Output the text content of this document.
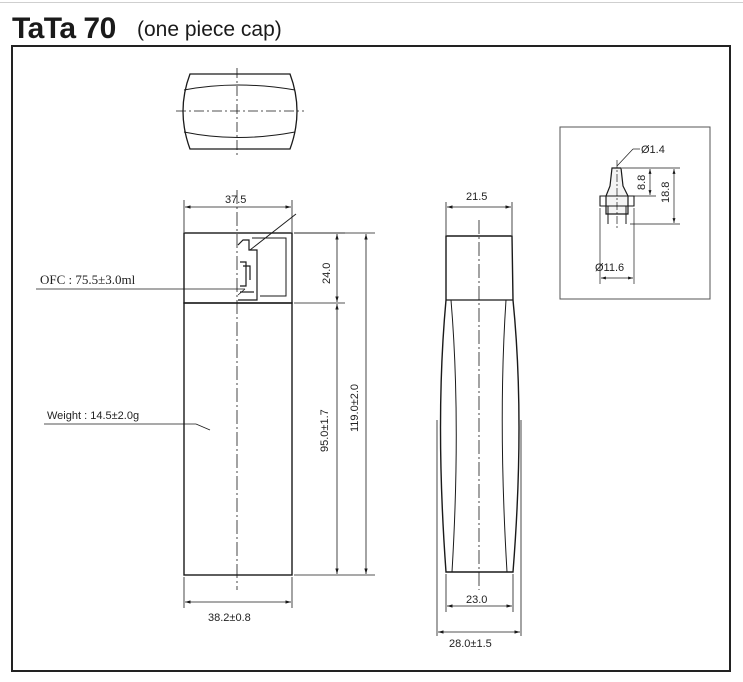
TaTa 70 (one piece cap)
37.5
24.0
95.0±1.7 119.0±2.0
38.2±0.8
OFC : 75.5±3.0ml
Weight : 14.5±2.0g
21.5
23.0
28.0±1.5
Ø1.4
8.8 18.8
Ø11.6
